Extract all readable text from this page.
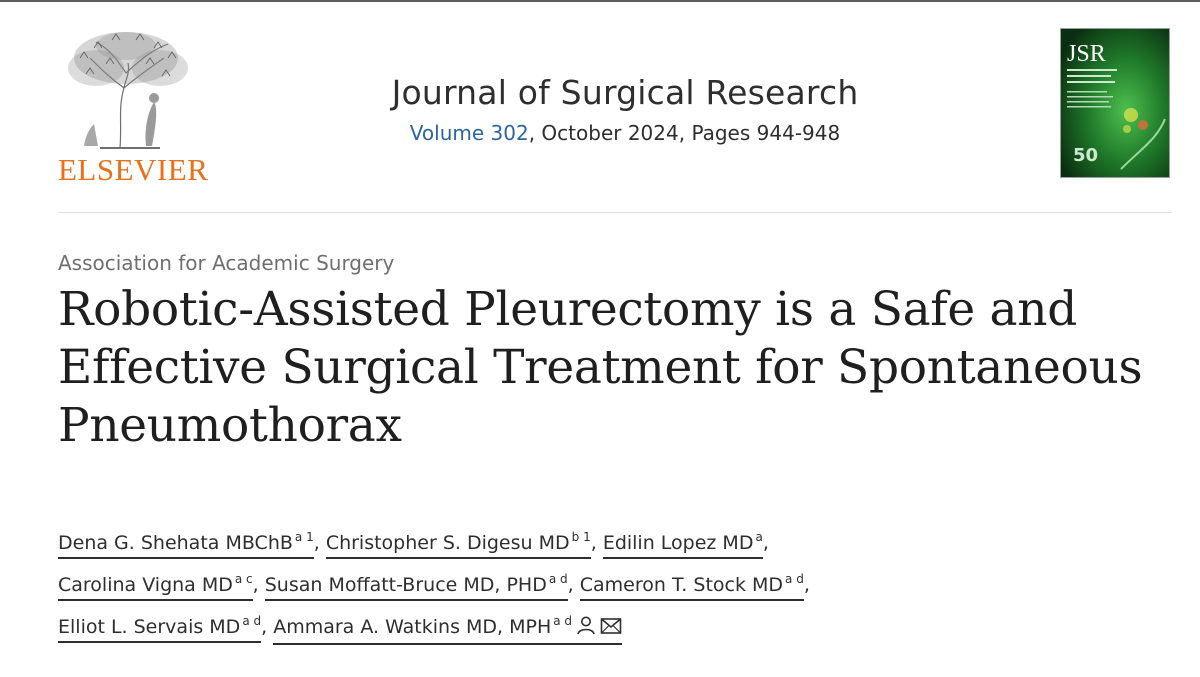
ELSEVIER
Journal of Surgical Research
Volume 302, October 2024, Pages 944-948
JSR
50
Association for Academic Surgery
Robotic-Assisted Pleurectomy is a Safe and Effective Surgical Treatment for Spontaneous Pneumothorax
Dena G. Shehata MBChB $^{a 1}$, Christopher S. Digesu MD $^{b 1}$, Edilin Lopez MD $^a$,
Carolina Vigna MD $^{a c}$, Susan Moffatt-Bruce MD, PHD $^{a d}$, Cameron T. Stock MD $^{a d}$,
Elliot L. Servais MD $^{a d}$, Ammara A. Watkins MD, MPH $^{a d}$
